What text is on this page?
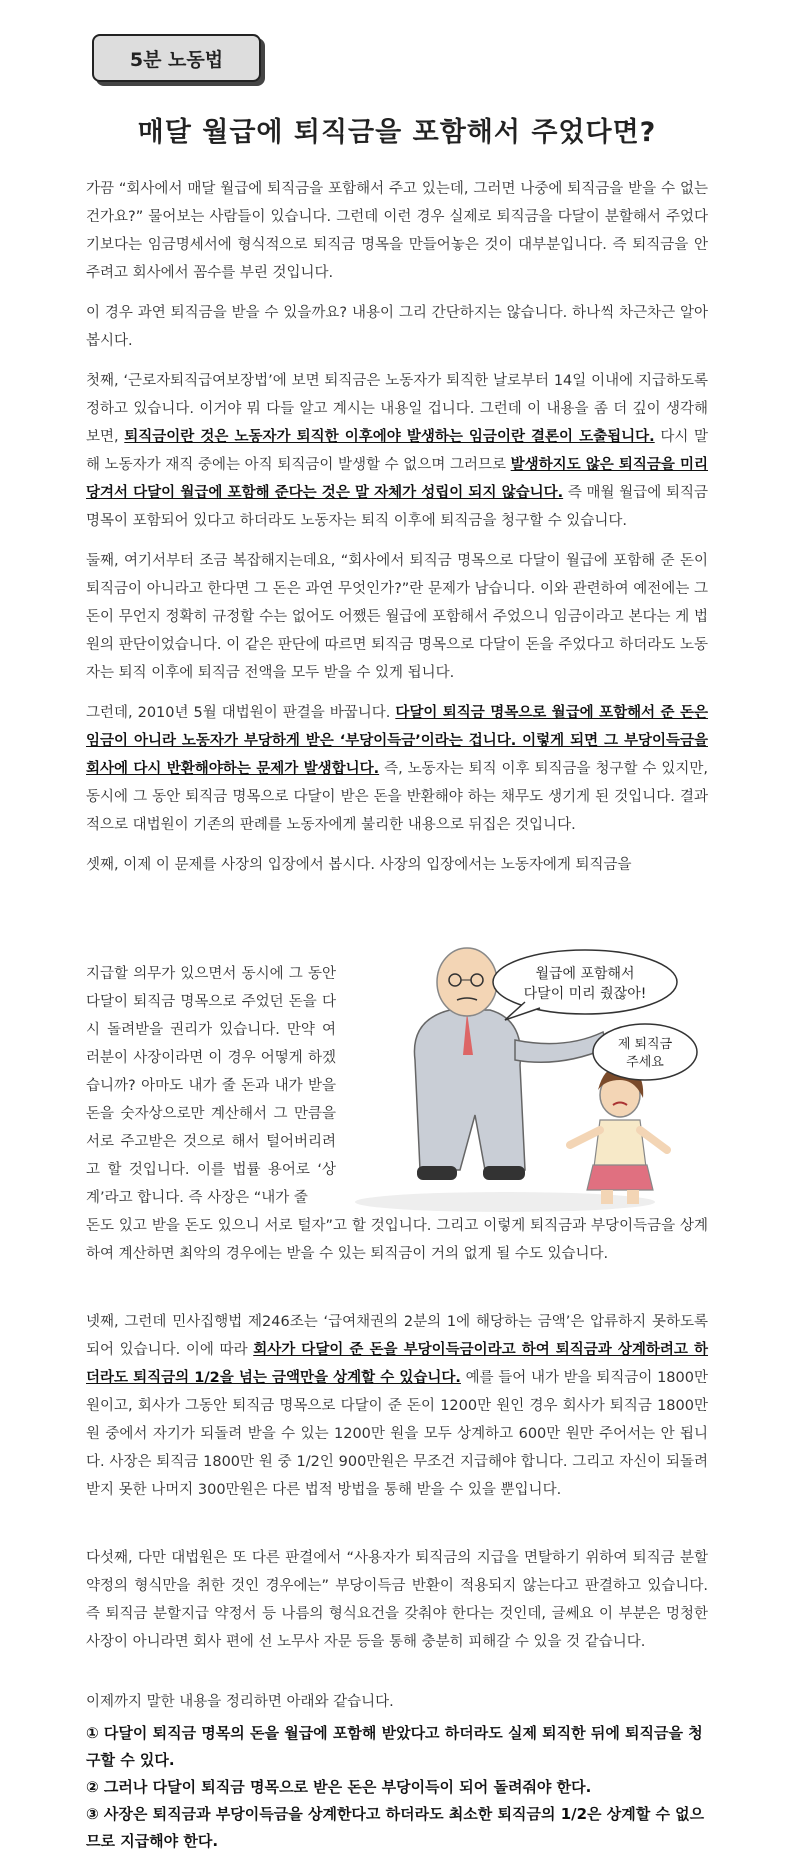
5분 노동법
매달 월급에 퇴직금을 포함해서 주었다면?

가끔 “회사에서 매달 월급에 퇴직금을 포함해서 주고 있는데, 그러면 나중에 퇴직금을 받을 수 없는 건가요?” 물어보는 사람들이 있습니다. 그런데 이런 경우 실제로 퇴직금을 다달이 분할해서 주었다기보다는 임금명세서에 형식적으로 퇴직금 명목을 만들어놓은 것이 대부분입니다. 즉 퇴직금을 안 주려고 회사에서 꼼수를 부린 것입니다.

이 경우 과연 퇴직금을 받을 수 있을까요? 내용이 그리 간단하지는 않습니다. 하나씩 차근차근 알아봅시다.

첫째, ‘근로자퇴직급여보장법’에 보면 퇴직금은 노동자가 퇴직한 날로부터 14일 이내에 지급하도록 정하고 있습니다. 이거야 뭐 다들 알고 계시는 내용일 겁니다. 그런데 이 내용을 좀 더 깊이 생각해 보면, 퇴직금이란 것은 노동자가 퇴직한 이후에야 발생하는 임금이란 결론이 도출됩니다. 다시 말해 노동자가 재직 중에는 아직 퇴직금이 발생할 수 없으며 그러므로 발생하지도 않은 퇴직금을 미리 당겨서 다달이 월급에 포함해 준다는 것은 말 자체가 성립이 되지 않습니다. 즉 매월 월급에 퇴직금 명목이 포함되어 있다고 하더라도 노동자는 퇴직 이후에 퇴직금을 청구할 수 있습니다.

둘째, 여기서부터 조금 복잡해지는데요, “회사에서 퇴직금 명목으로 다달이 월급에 포함해 준 돈이 퇴직금이 아니라고 한다면 그 돈은 과연 무엇인가?”란 문제가 남습니다. 이와 관련하여 예전에는 그 돈이 무언지 정확히 규정할 수는 없어도 어쨌든 월급에 포함해서 주었으니 임금이라고 본다는 게 법원의 판단이었습니다. 이 같은 판단에 따르면 퇴직금 명목으로 다달이 돈을 주었다고 하더라도 노동자는 퇴직 이후에 퇴직금 전액을 모두 받을 수 있게 됩니다.

그런데, 2010년 5월 대법원이 판결을 바꿉니다. 다달이 퇴직금 명목으로 월급에 포함해서 준 돈은 임금이 아니라 노동자가 부당하게 받은 ‘부당이득금’이라는 겁니다. 이렇게 되면 그 부당이득금을 회사에 다시 반환해야하는 문제가 발생합니다. 즉, 노동자는 퇴직 이후 퇴직금을 청구할 수 있지만, 동시에 그 동안 퇴직금 명목으로 다달이 받은 돈을 반환해야 하는 채무도 생기게 된 것입니다. 결과적으로 대법원이 기존의 판례를 노동자에게 불리한 내용으로 뒤집은 것입니다.

셋째, 이제 이 문제를 사장의 입장에서 봅시다. 사장의 입장에서는 노동자에게 퇴직금을

지급할 의무가 있으면서 동시에 그 동안 다달이 퇴직금 명목으로 주었던 돈을 다시 돌려받을 권리가 있습니다. 만약 여러분이 사장이라면 이 경우 어떻게 하겠습니까? 아마도 내가 줄 돈과 내가 받을 돈을 숫자상으로만 계산해서 그 만큼을 서로 주고받은 것으로 해서 털어버리려고 할 것입니다. 이를 법률 용어로 ‘상계’라고 합니다. 즉 사장은 “내가 줄
월급에 포함해서
다달이 미리 줬잖아!
제 퇴직금
주세요

돈도 있고 받을 돈도 있으니 서로 털자”고 할 것입니다. 그리고 이렇게 퇴직금과 부당이득금을 상계하여 계산하면 최악의 경우에는 받을 수 있는 퇴직금이 거의 없게 될 수도 있습니다.

넷째, 그런데 민사집행법 제246조는 ‘급여채권의 2분의 1에 해당하는 금액’은 압류하지 못하도록 되어 있습니다. 이에 따라 회사가 다달이 준 돈을 부당이득금이라고 하여 퇴직금과 상계하려고 하더라도 퇴직금의 1/2을 넘는 금액만을 상계할 수 있습니다. 예를 들어 내가 받을 퇴직금이 1800만 원이고, 회사가 그동안 퇴직금 명목으로 다달이 준 돈이 1200만 원인 경우 회사가 퇴직금 1800만 원 중에서 자기가 되돌려 받을 수 있는 1200만 원을 모두 상계하고 600만 원만 주어서는 안 됩니다. 사장은 퇴직금 1800만 원 중 1/2인 900만원은 무조건 지급해야 합니다. 그리고 자신이 되돌려 받지 못한 나머지 300만원은 다른 법적 방법을 통해 받을 수 있을 뿐입니다.

다섯째, 다만 대법원은 또 다른 판결에서 “사용자가 퇴직금의 지급을 면탈하기 위하여 퇴직금 분할 약정의 형식만을 취한 것인 경우에는” 부당이득금 반환이 적용되지 않는다고 판결하고 있습니다. 즉 퇴직금 분할지급 약정서 등 나름의 형식요건을 갖춰야 한다는 것인데, 글쎄요 이 부분은 멍청한 사장이 아니라면 회사 편에 선 노무사 자문 등을 통해 충분히 피해갈 수 있을 것 같습니다.

이제까지 말한 내용을 정리하면 아래와 같습니다.

① 다달이 퇴직금 명목의 돈을 월급에 포함해 받았다고 하더라도 실제 퇴직한 뒤에 퇴직금을 청구할 수 있다.
② 그러나 다달이 퇴직금 명목으로 받은 돈은 부당이득이 되어 돌려줘야 한다.
③ 사장은 퇴직금과 부당이득금을 상계한다고 하더라도 최소한 퇴직금의 1/2은 상계할 수 없으므로 지급해야 한다.
